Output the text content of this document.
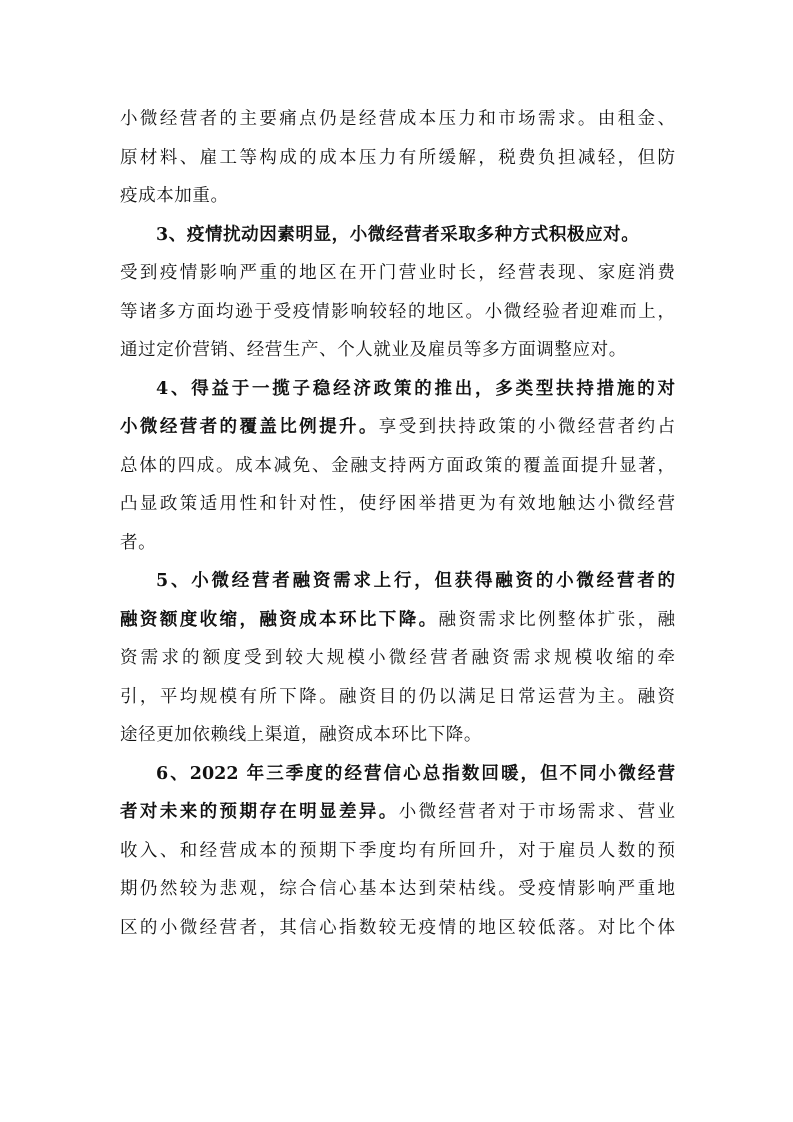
小微经营者的主要痛点仍是经营成本压力和市场需求。由租金、
原材料、雇工等构成的成本压力有所缓解，税费负担减轻，但防
疫成本加重。
3、疫情扰动因素明显，小微经营者采取多种方式积极应对。
受到疫情影响严重的地区在开门营业时长，经营表现、家庭消费
等诸多方面均逊于受疫情影响较轻的地区。小微经验者迎难而上，
通过定价营销、经营生产、个人就业及雇员等多方面调整应对。
4、得益于一揽子稳经济政策的推出，多类型扶持措施的对
小微经营者的覆盖比例提升。享受到扶持政策的小微经营者约占
总体的四成。成本减免、金融支持两方面政策的覆盖面提升显著，
凸显政策适用性和针对性，使纾困举措更为有效地触达小微经营
者。
5、小微经营者融资需求上行，但获得融资的小微经营者的
融资额度收缩，融资成本环比下降。融资需求比例整体扩张，融
资需求的额度受到较大规模小微经营者融资需求规模收缩的牵
引，平均规模有所下降。融资目的仍以满足日常运营为主。融资
途径更加依赖线上渠道，融资成本环比下降。
6、2022 年三季度的经营信心总指数回暖，但不同小微经营
者对未来的预期存在明显差异。小微经营者对于市场需求、营业
收入、和经营成本的预期下季度均有所回升，对于雇员人数的预
期仍然较为悲观，综合信心基本达到荣枯线。受疫情影响严重地
区的小微经营者，其信心指数较无疫情的地区较低落。对比个体
